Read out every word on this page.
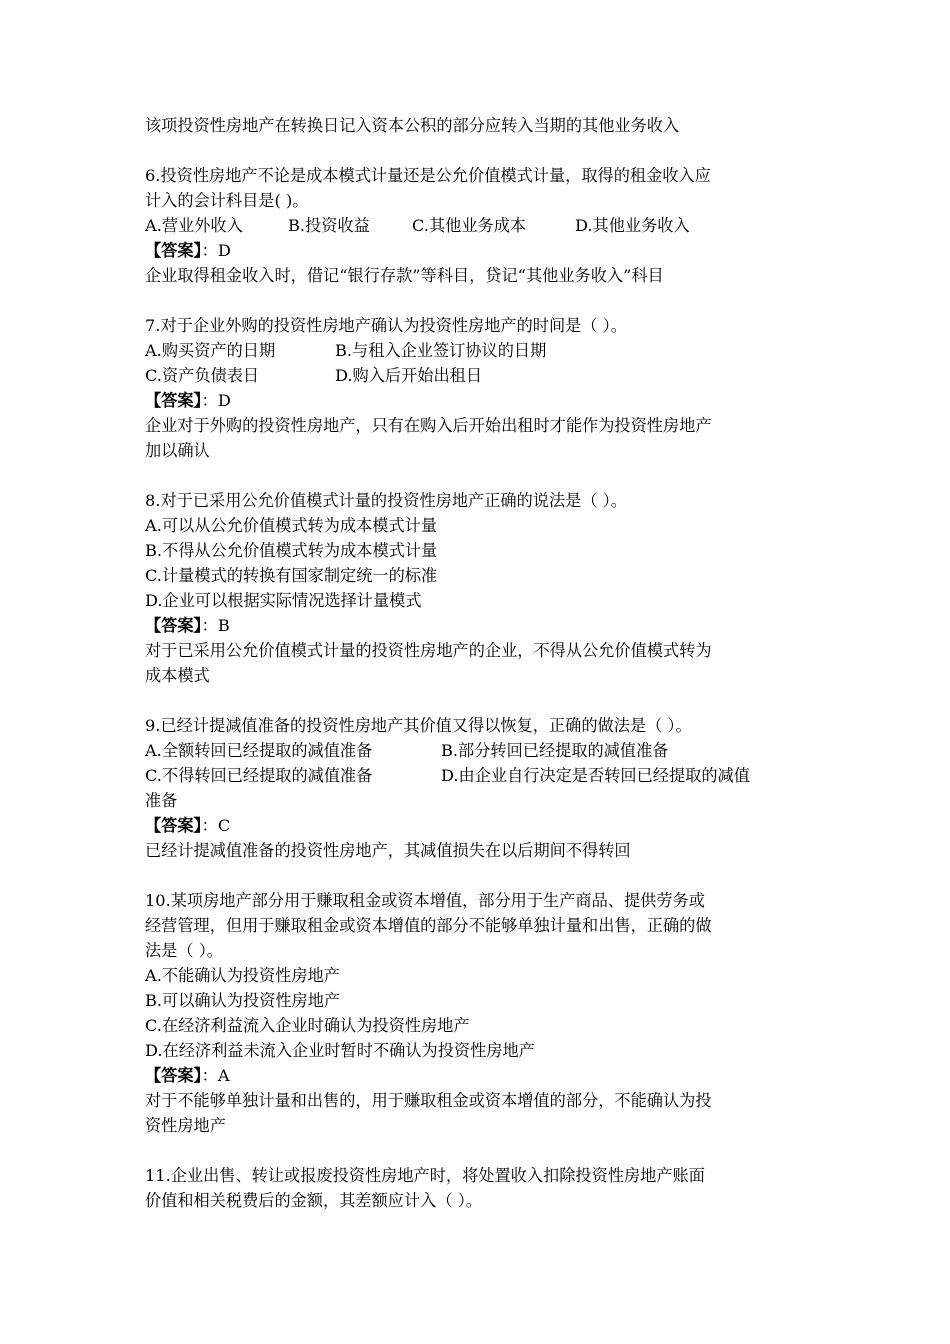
该项投资性房地产在转换日记入资本公积的部分应转入当期的其他业务收入

6.投资性房地产不论是成本模式计量还是公允价值模式计量，取得的租金收入应

计入的会计科目是( )。

A.营业外收入	B.投资收益	C.其他业务成本	D.其他业务收入

【答案】：D

企业取得租金收入时，借记“银行存款”等科目，贷记“其他业务收入”科目

7.对于企业外购的投资性房地产确认为投资性房地产的时间是（ ）。

A.购买资产的日期	B.与租入企业签订协议的日期
C.资产负债表日	D.购入后开始出租日

【答案】：D

企业对于外购的投资性房地产，只有在购入后开始出租时才能作为投资性房地产

加以确认

8.对于已采用公允价值模式计量的投资性房地产正确的说法是（ ）。

A.可以从公允价值模式转为成本模式计量

B.不得从公允价值模式转为成本模式计量

C.计量模式的转换有国家制定统一的标准

D.企业可以根据实际情况选择计量模式

【答案】：B

对于已采用公允价值模式计量的投资性房地产的企业，不得从公允价值模式转为

成本模式

9.已经计提减值准备的投资性房地产其价值又得以恢复，正确的做法是（ ）。

A.全额转回已经提取的减值准备	B.部分转回已经提取的减值准备
C.不得转回已经提取的减值准备	D.由企业自行决定是否转回已经提取的减值

准备

【答案】：C

已经计提减值准备的投资性房地产，其减值损失在以后期间不得转回

10.某项房地产部分用于赚取租金或资本增值，部分用于生产商品、提供劳务或

经营管理，但用于赚取租金或资本增值的部分不能够单独计量和出售，正确的做

法是（ ）。

A.不能确认为投资性房地产

B.可以确认为投资性房地产

C.在经济利益流入企业时确认为投资性房地产

D.在经济利益未流入企业时暂时不确认为投资性房地产

【答案】：A

对于不能够单独计量和出售的，用于赚取租金或资本增值的部分，不能确认为投

资性房地产

11.企业出售、转让或报废投资性房地产时，将处置收入扣除投资性房地产账面

价值和相关税费后的金额，其差额应计入（ ）。
